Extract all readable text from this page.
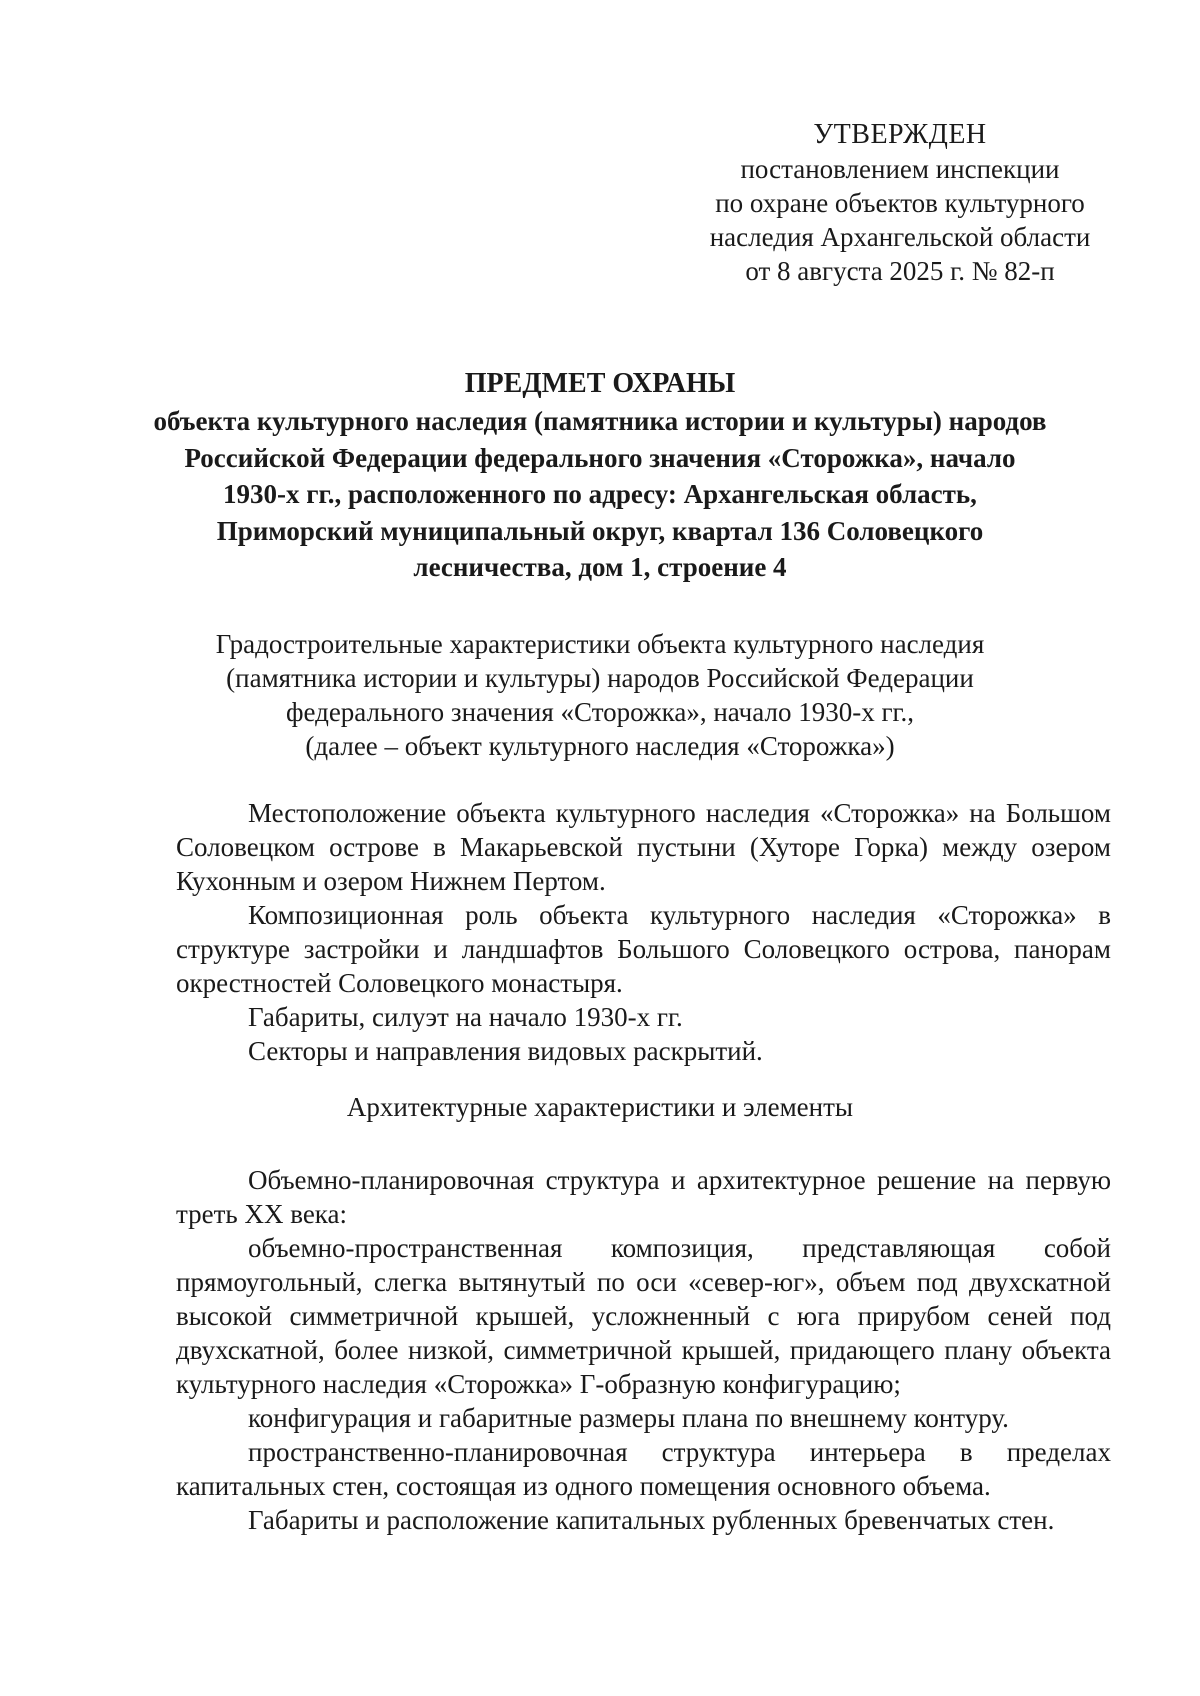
УТВЕРЖДЕН
постановлением инспекции
по охране объектов культурного
наследия Архангельской области
от 8 августа 2025 г. № 82-п
ПРЕДМЕТ ОХРАНЫ
объекта культурного наследия (памятника истории и культуры) народов
Российской Федерации федерального значения «Сторожка», начало
1930-х гг., расположенного по адресу: Архангельская область,
Приморский муниципальный округ, квартал 136 Соловецкого
лесничества, дом 1, строение 4
Градостроительные характеристики объекта культурного наследия
(памятника истории и культуры) народов Российской Федерации
федерального значения «Сторожка», начало 1930-х гг.,
(далее – объект культурного наследия «Сторожка»)

Местоположение объекта культурного наследия «Сторожка» на Большом Соловецком острове в Макарьевской пустыни (Хуторе Горка) между озером Кухонным и озером Нижнем Пертом.

Композиционная роль объекта культурного наследия «Сторожка» в структуре застройки и ландшафтов Большого Соловецкого острова, панорам окрестностей Соловецкого монастыря.

Габариты, силуэт на начало 1930-х гг.

Секторы и направления видовых раскрытий.

Архитектурные характеристики и элементы

Объемно-планировочная структура и архитектурное решение на первую треть XX века:

объемно-пространственная композиция, представляющая собой прямоугольный, слегка вытянутый по оси «север-юг», объем под двухскатной высокой симметричной крышей, усложненный с юга прирубом сеней под двухскатной, более низкой, симметричной крышей, придающего плану объекта культурного наследия «Сторожка» Г-образную конфигурацию;

конфигурация и габаритные размеры плана по внешнему контуру.

пространственно-планировочная структура интерьера в пределах капитальных стен, состоящая из одного помещения основного объема.

Габариты и расположение капитальных рубленных бревенчатых стен.
